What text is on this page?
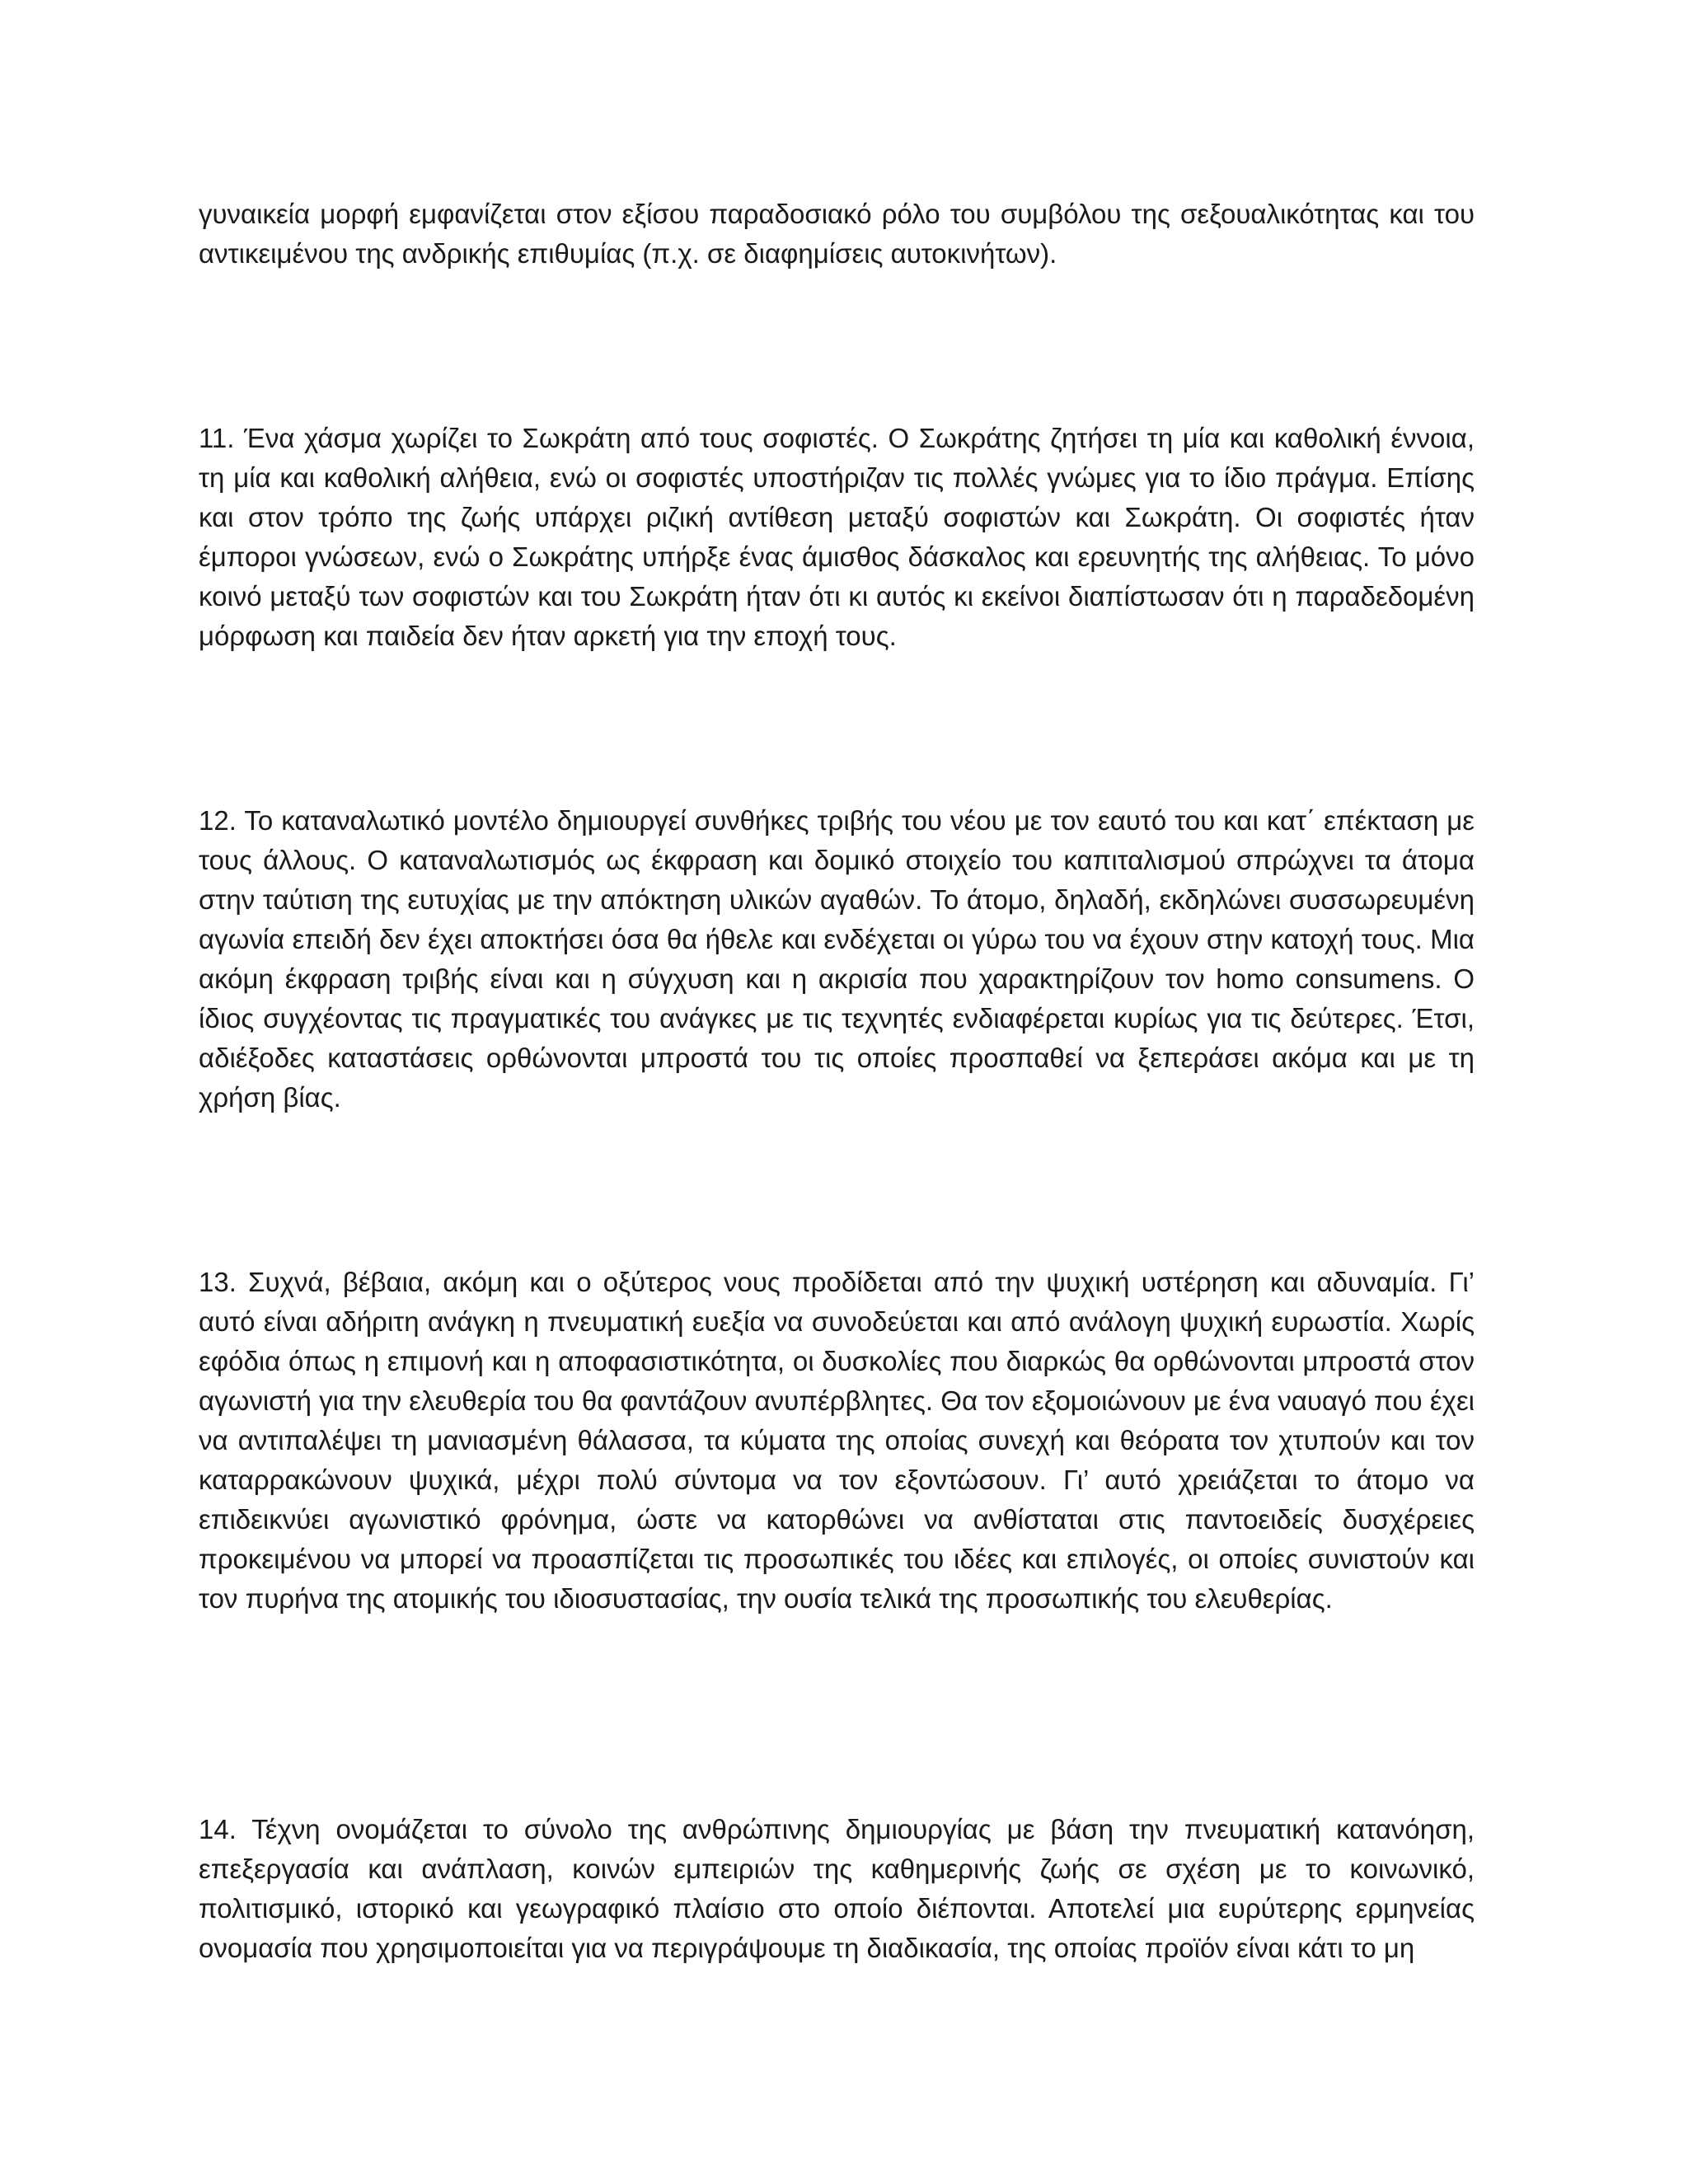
γυναικεία μορφή εμφανίζεται στον εξίσου παραδοσιακό ρόλο του συμβόλου της σεξουαλικότητας και του αντικειμένου της ανδρικής επιθυμίας (π.χ. σε διαφημίσεις αυτοκινήτων).

11. Ένα χάσμα χωρίζει το Σωκράτη από τους σοφιστές. Ο Σωκράτης ζητήσει τη μία και καθολική έννοια, τη μία και καθολική αλήθεια, ενώ οι σοφιστές υποστήριζαν τις πολλές γνώμες για το ίδιο πράγμα. Επίσης και στον τρόπο της ζωής υπάρχει ριζική αντίθεση μεταξύ σοφιστών και Σωκράτη. Οι σοφιστές ήταν έμποροι γνώσεων, ενώ ο Σωκράτης υπήρξε ένας άμισθος δάσκαλος και ερευνητής της αλήθειας. Το μόνο κοινό μεταξύ των σοφιστών και του Σωκράτη ήταν ότι κι αυτός κι εκείνοι διαπίστωσαν ότι η παραδεδομένη μόρφωση και παιδεία δεν ήταν αρκετή για την εποχή τους.

12. Το καταναλωτικό μοντέλο δημιουργεί συνθήκες τριβής του νέου με τον εαυτό του και κατ΄ επέκταση με τους άλλους. Ο καταναλωτισμός ως έκφραση και δομικό στοιχείο του καπιταλισμού σπρώχνει τα άτομα στην ταύτιση της ευτυχίας με την απόκτηση υλικών αγαθών. Το άτομο, δηλαδή, εκδηλώνει συσσωρευμένη αγωνία επειδή δεν έχει αποκτήσει όσα θα ήθελε και ενδέχεται οι γύρω του να έχουν στην κατοχή τους. Μια ακόμη έκφραση τριβής είναι και η σύγχυση και η ακρισία που χαρακτηρίζουν τον homo consumens. Ο ίδιος συγχέοντας τις πραγματικές του ανάγκες με τις τεχνητές ενδιαφέρεται κυρίως για τις δεύτερες. Έτσι, αδιέξοδες καταστάσεις ορθώνονται μπροστά του τις οποίες προσπαθεί να ξεπεράσει ακόμα και με τη χρήση βίας.

13. Συχνά, βέβαια, ακόμη και ο οξύτερος νους προδίδεται από την ψυχική υστέρηση και αδυναμία. Γι’ αυτό είναι αδήριτη ανάγκη η πνευματική ευεξία να συνοδεύεται και από ανάλογη ψυχική ευρωστία. Χωρίς εφόδια όπως η επιμονή και η αποφασιστικότητα, οι δυσκολίες που διαρκώς θα ορθώνονται μπροστά στον αγωνιστή για την ελευθερία του θα φαντάζουν ανυπέρβλητες. Θα τον εξομοιώνουν με ένα ναυαγό που έχει να αντιπαλέψει τη μανιασμένη θάλασσα, τα κύματα της οποίας συνεχή και θεόρατα τον χτυπούν και τον καταρρακώνουν ψυχικά, μέχρι πολύ σύντομα να τον εξοντώσουν. Γι’ αυτό χρειάζεται το άτομο να επιδεικνύει αγωνιστικό φρόνημα, ώστε να κατορθώνει να ανθίσταται στις παντοειδείς δυσχέρειες προκειμένου να μπορεί να προασπίζεται τις προσωπικές του ιδέες και επιλογές, οι οποίες συνιστούν και τον πυρήνα της ατομικής του ιδιοσυστασίας, την ουσία τελικά της προσωπικής του ελευθερίας.

14. Τέχνη ονομάζεται το σύνολο της ανθρώπινης δημιουργίας με βάση την πνευματική κατανόηση, επεξεργασία και ανάπλαση, κοινών εμπειριών της καθημερινής ζωής σε σχέση με το κοινωνικό, πολιτισμικό, ιστορικό και γεωγραφικό πλαίσιο στο οποίο διέπονται. Αποτελεί μια ευρύτερης ερμηνείας ονομασία που χρησιμοποιείται για να περιγράψουμε τη διαδικασία, της οποίας προϊόν είναι κάτι το μη
